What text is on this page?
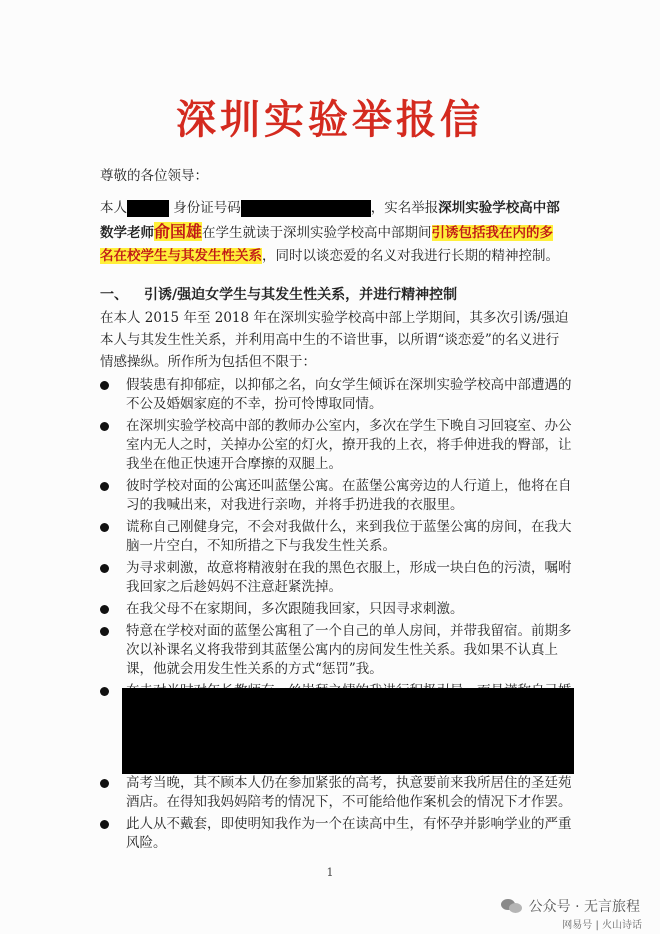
深圳实验举报信
尊敬的各位领导：
本人	身份证号码	，实名举报深圳实验学校高中部
数学老师俞国雄在学生就读于深圳实验学校高中部期间引诱包括我在内的多
名在校学生与其发生性关系，同时以谈恋爱的名义对我进行长期的精神控制。
一、 引诱/强迫女学生与其发生性关系，并进行精神控制
在本人 2015 年至 2018 年在深圳实验学校高中部上学期间，其多次引诱/强迫本人与其发生性关系，并利用高中生的不谙世事，以所谓“谈恋爱”的名义进行情感操纵。所作所为包括但不限于：
假装患有抑郁症，以抑郁之名，向女学生倾诉在深圳实验学校高中部遭遇的不公及婚姻家庭的不幸，扮可怜博取同情。
在深圳实验学校高中部的教师办公室内，多次在学生下晚自习回寝室、办公室内无人之时，关掉办公室的灯火，撩开我的上衣，将手伸进我的臀部，让我坐在他正快速开合摩擦的双腿上。
彼时学校对面的公寓还叫蓝堡公寓。在蓝堡公寓旁边的人行道上，他将在自习的我喊出来，对我进行亲吻，并将手扔进我的衣服里。
谎称自己刚健身完，不会对我做什么，来到我位于蓝堡公寓的房间，在我大脑一片空白，不知所措之下与我发生性关系。
为寻求刺激，故意将精液射在我的黑色衣服上，形成一块白色的污渍，嘱咐我回家之后趁妈妈不注意赶紧洗掉。
在我父母不在家期间，多次跟随我回家，只因寻求刺激。
特意在学校对面的蓝堡公寓租了一个自己的单人房间，并带我留宿。前期多次以补课名义将我带到其蓝堡公寓内的房间发生性关系。我如果不认真上课，他就会用发生性关系的方式“惩罚”我。
高考当晚，其不顾本人仍在参加紧张的高考，执意要前来我所居住的圣廷苑酒店。在得知我妈妈陪考的情况下，不可能给他作案机会的情况下才作罢。
此人从不戴套，即使明知我作为一个在读高中生，有怀孕并影响学业的严重风险。
1
公众号 · 无言旅程
网易号 | 火山诗话
